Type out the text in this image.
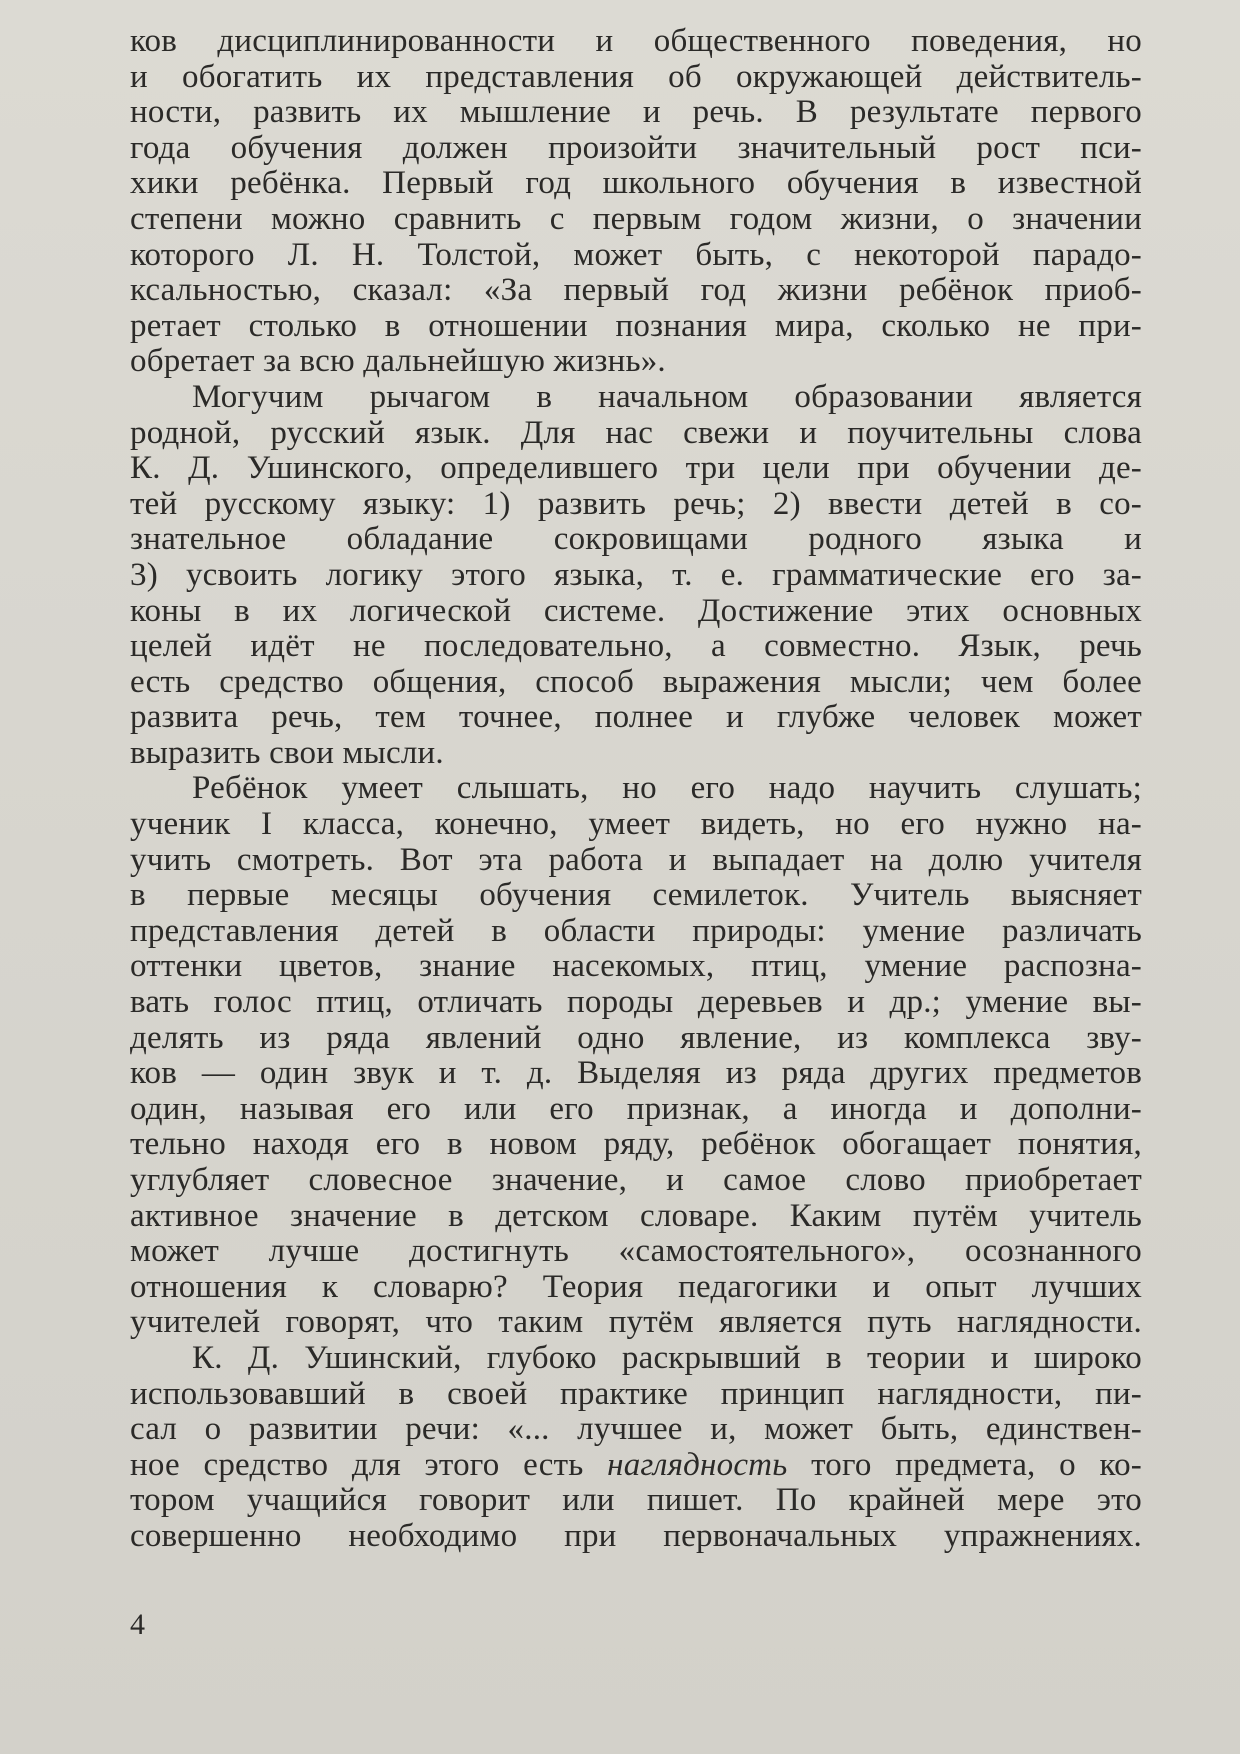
ков дисциплинированности и общественного поведения, но
и обогатить их представления об окружающей действитель-
ности, развить их мышление и речь. В результате первого
года обучения должен произойти значительный рост пси-
хики ребёнка. Первый год школьного обучения в известной
степени можно сравнить с первым годом жизни, о значении
которого Л. Н. Толстой, может быть, с некоторой парадо-
ксальностью, сказал: «За первый год жизни ребёнок приоб-
ретает столько в отношении познания мира, сколько не при-
обретает за всю дальнейшую жизнь».
Могучим рычагом в начальном образовании является
родной, русский язык. Для нас свежи и поучительны слова
К. Д. Ушинского, определившего три цели при обучении де-
тей русскому языку: 1) развить речь; 2) ввести детей в со-
знательное обладание сокровищами родного языка и
3) усвоить логику этого языка, т. е. грамматические его за-
коны в их логической системе. Достижение этих основных
целей идёт не последовательно, а совместно. Язык, речь
есть средство общения, способ выражения мысли; чем более
развита речь, тем точнее, полнее и глубже человек может
выразить свои мысли.
Ребёнок умеет слышать, но его надо научить слушать;
ученик I класса, конечно, умеет видеть, но его нужно на-
учить смотреть. Вот эта работа и выпадает на долю учителя
в первые месяцы обучения семилеток. Учитель выясняет
представления детей в области природы: умение различать
оттенки цветов, знание насекомых, птиц, умение распозна-
вать голос птиц, отличать породы деревьев и др.; умение вы-
делять из ряда явлений одно явление, из комплекса зву-
ков — один звук и т. д. Выделяя из ряда других предметов
один, называя его или его признак, а иногда и дополни-
тельно находя его в новом ряду, ребёнок обогащает понятия,
углубляет словесное значение, и самое слово приобретает
активное значение в детском словаре. Каким путём учитель
может лучше достигнуть «самостоятельного», осознанного
отношения к словарю? Теория педагогики и опыт лучших
учителей говорят, что таким путём является путь наглядности.
К. Д. Ушинский, глубоко раскрывший в теории и широко
использовавший в своей практике принцип наглядности, пи-
сал о развитии речи: «... лучшее и, может быть, единствен-
ное средство для этого есть наглядность того предмета, о ко-
тором учащийся говорит или пишет. По крайней мере это
совершенно необходимо при первоначальных упражнениях.
4
